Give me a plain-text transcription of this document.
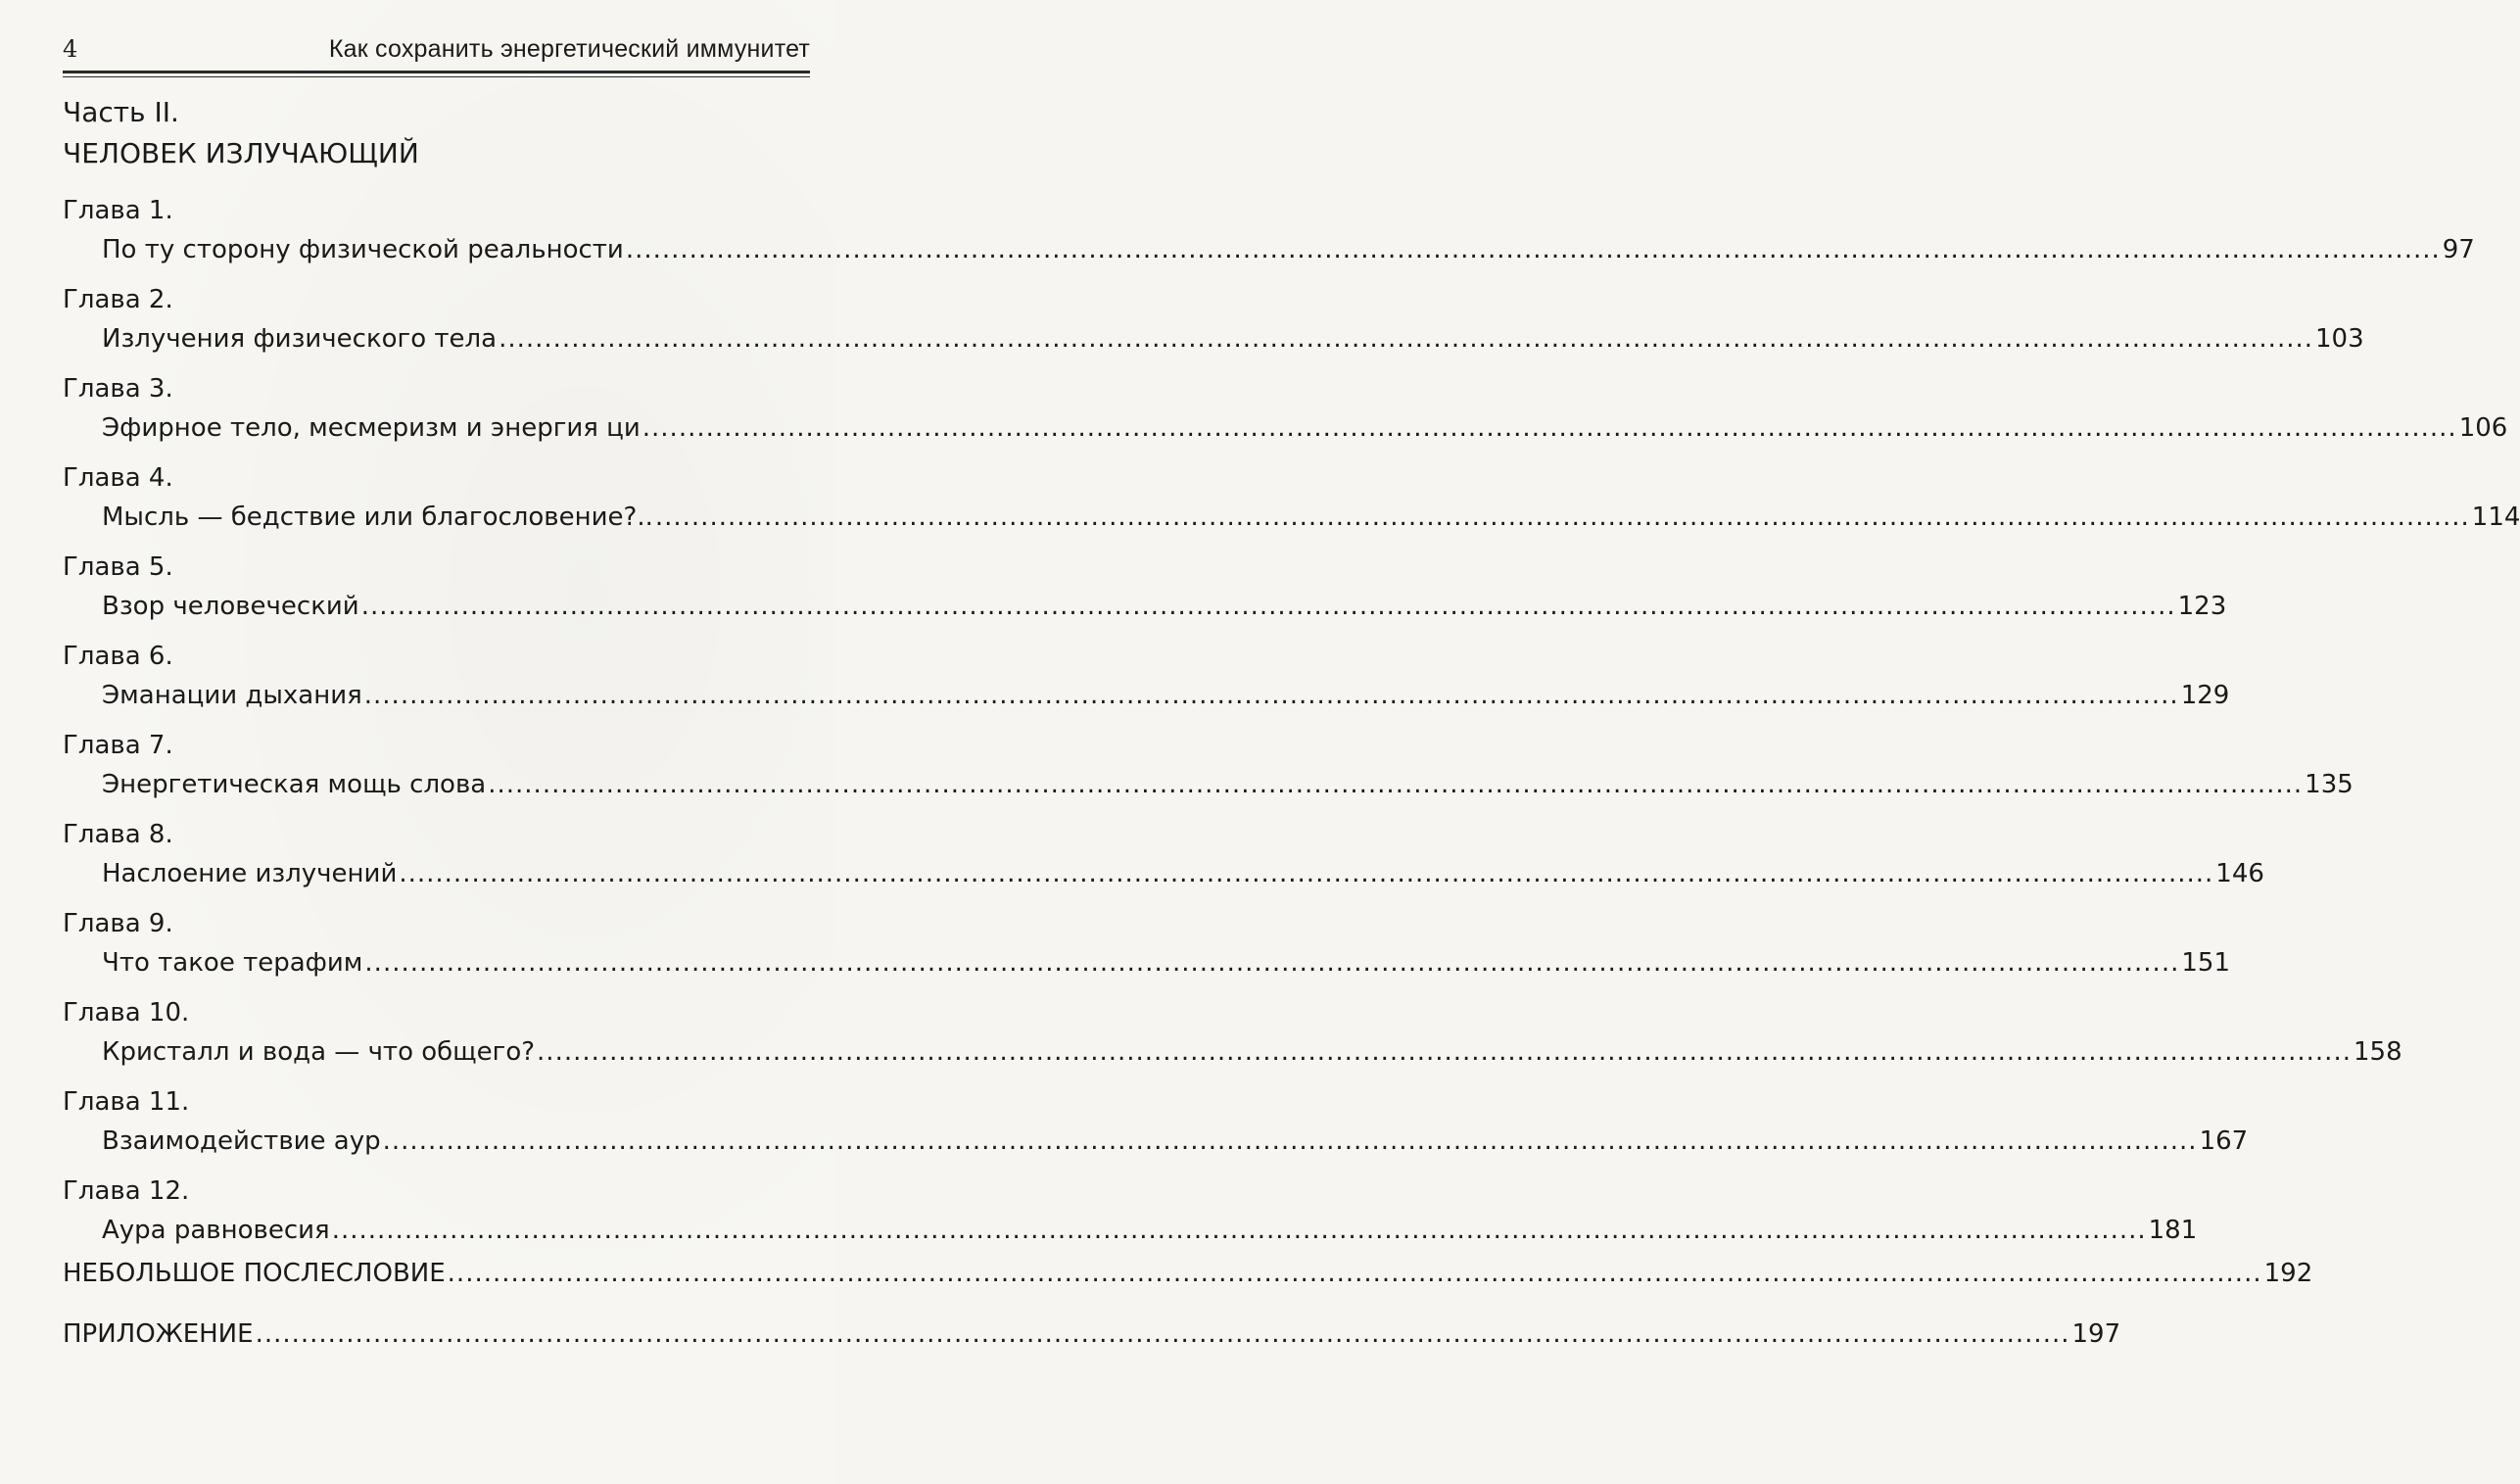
4	Как сохранить энергетический иммунитет
Часть II.
ЧЕЛОВЕК ИЗЛУЧАЮЩИЙ
Глава 1.
По ту сторону физической реальности ........................................................................................................................................................................................................ 97
Глава 2.
Излучения физического тела ........................................................................................................................................................................................................ 103
Глава 3.
Эфирное тело, месмеризм и энергия ци ........................................................................................................................................................................................................ 106
Глава 4.
Мысль — бедствие или благословение?.. ........................................................................................................................................................................................................ 114
Глава 5.
Взор человеческий ........................................................................................................................................................................................................ 123
Глава 6.
Эманации дыхания ........................................................................................................................................................................................................ 129
Глава 7.
Энергетическая мощь слова ........................................................................................................................................................................................................ 135
Глава 8.
Наслоение излучений ........................................................................................................................................................................................................ 146
Глава 9.
Что такое терафим ........................................................................................................................................................................................................ 151
Глава 10.
Кристалл и вода — что общего? ........................................................................................................................................................................................................ 158
Глава 11.
Взаимодействие аур ........................................................................................................................................................................................................ 167
Глава 12.
Аура равновесия ........................................................................................................................................................................................................ 181
НЕБОЛЬШОЕ ПОСЛЕСЛОВИЕ ........................................................................................................................................................................................................ 192
ПРИЛОЖЕНИЕ ........................................................................................................................................................................................................ 197
